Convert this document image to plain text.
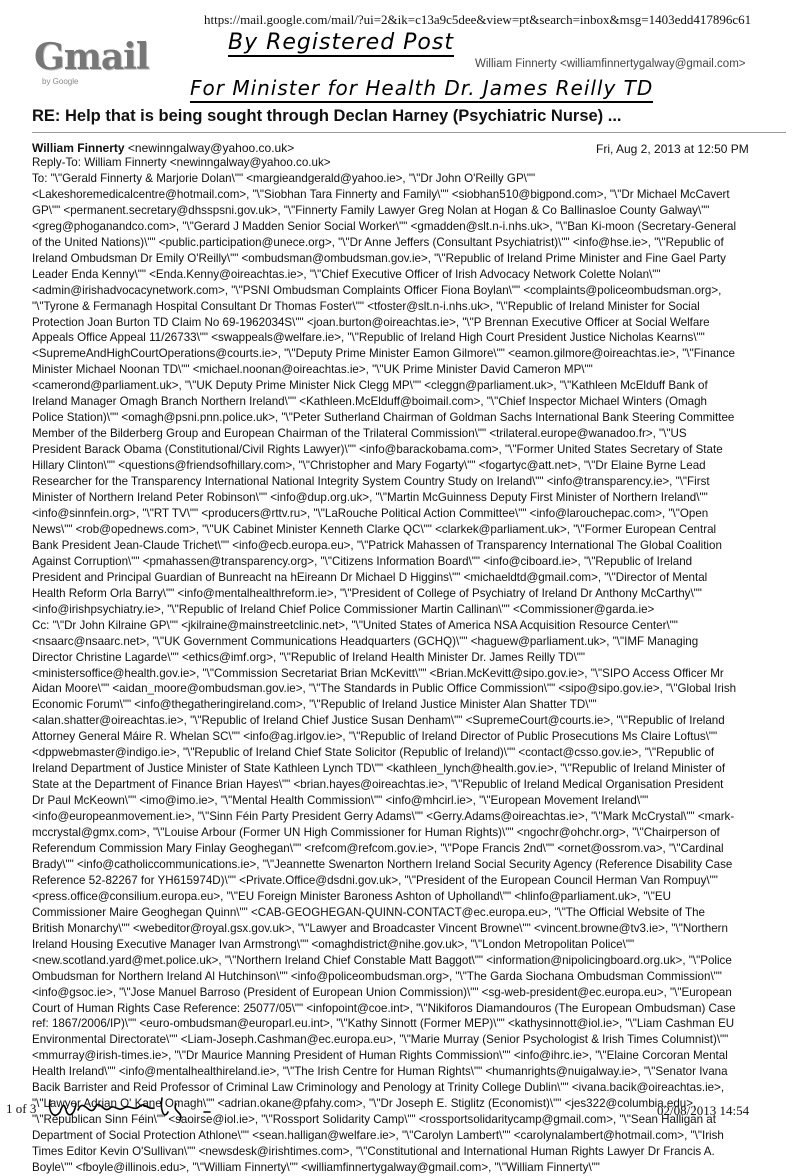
https://mail.google.com/mail/?ui=2&ik=c13a9c5dee&view=pt&search=inbox&msg=1403edd417896c61
Gmail
by Google
By Registered Post
For Minister for Health Dr. James Reilly TD
William Finnerty <williamfinnertygalway@gmail.com>
RE: Help that is being sought through Declan Harney (Psychiatric Nurse) ...
William Finnerty <newinngalway@yahoo.co.uk>	Fri, Aug 2, 2013 at 12:50 PM
Reply-To: William Finnerty <newinngalway@yahoo.co.uk>
To: "\"Gerald Finnerty & Marjorie Dolan\"" <margieandgerald@yahoo.ie>, "\"Dr John O'Reilly GP\""
<Lakeshoremedicalcentre@hotmail.com>, "\"Siobhan Tara Finnerty and Family\"" <siobhan510@bigpond.com>, "\"Dr Michael McCavert
GP\"" <permanent.secretary@dhsspsni.gov.uk>, "\"Finnerty Family Lawyer Greg Nolan at Hogan & Co Ballinasloe County Galway\""
<greg@phoganandco.com>, "\"Gerard J Madden Senior Social Worker\"" <gmadden@slt.n-i.nhs.uk>, "\"Ban Ki-moon (Secretary-General
of the United Nations)\"" <public.participation@unece.org>, "\"Dr Anne Jeffers (Consultant Psychiatrist)\"" <info@hse.ie>, "\"Republic of
Ireland Ombudsman Dr Emily O'Reilly\"" <ombudsman@ombudsman.gov.ie>, "\"Republic of Ireland Prime Minister and Fine Gael Party
Leader Enda Kenny\"" <Enda.Kenny@oireachtas.ie>, "\"Chief Executive Officer of Irish Advocacy Network Colette Nolan\""
<admin@irishadvocacynetwork.com>, "\"PSNI Ombudsman Complaints Officer Fiona Boylan\"" <complaints@policeombudsman.org>,
"\"Tyrone & Fermanagh Hospital Consultant Dr Thomas Foster\"" <tfoster@slt.n-i.nhs.uk>, "\"Republic of Ireland Minister for Social
Protection Joan Burton TD Claim No 69-1962034S\"" <joan.burton@oireachtas.ie>, "\"P Brennan Executive Officer at Social Welfare
Appeals Office Appeal 11/26733\"" <swappeals@welfare.ie>, "\"Republic of Ireland High Court President Justice Nicholas Kearns\""
<SupremeAndHighCourtOperations@courts.ie>, "\"Deputy Prime Minister Eamon Gilmore\"" <eamon.gilmore@oireachtas.ie>, "\"Finance
Minister Michael Noonan TD\"" <michael.noonan@oireachtas.ie>, "\"UK Prime Minister David Cameron MP\""
<camerond@parliament.uk>, "\"UK Deputy Prime Minister Nick Clegg MP\"" <cleggn@parliament.uk>, "\"Kathleen McElduff Bank of
Ireland Manager Omagh Branch Northern Ireland\"" <Kathleen.McElduff@boimail.com>, "\"Chief Inspector Michael Winters (Omagh
Police Station)\"" <omagh@psni.pnn.police.uk>, "\"Peter Sutherland Chairman of Goldman Sachs International Bank Steering Committee
Member of the Bilderberg Group and European Chairman of the Trilateral Commission\"" <trilateral.europe@wanadoo.fr>, "\"US
President Barack Obama (Constitutional/Civil Rights Lawyer)\"" <info@barackobama.com>, "\"Former United States Secretary of State
Hillary Clinton\"" <questions@friendsofhillary.com>, "\"Christopher and Mary Fogarty\"" <fogartyc@att.net>, "\"Dr Elaine Byrne Lead
Researcher for the Transparency International National Integrity System Country Study on Ireland\"" <info@transparency.ie>, "\"First
Minister of Northern Ireland Peter Robinson\"" <info@dup.org.uk>, "\"Martin McGuinness Deputy First Minister of Northern Ireland\""
<info@sinnfein.org>, "\"RT TV\"" <producers@rttv.ru>, "\"LaRouche Political Action Committee\"" <info@larouchepac.com>, "\"Open
News\"" <rob@opednews.com>, "\"UK Cabinet Minister Kenneth Clarke QC\"" <clarkek@parliament.uk>, "\"Former European Central
Bank President Jean-Claude Trichet\"" <info@ecb.europa.eu>, "\"Patrick Mahassen of Transparency International The Global Coalition
Against Corruption\"" <pmahassen@transparency.org>, "\"Citizens Information Board\"" <info@ciboard.ie>, "\"Republic of Ireland
President and Principal Guardian of Bunreacht na hEireann Dr Michael D Higgins\"" <michaeldtd@gmail.com>, "\"Director of Mental
Health Reform Orla Barry\"" <info@mentalhealthreform.ie>, "\"President of College of Psychiatry of Ireland Dr Anthony McCarthy\""
<info@irishpsychiatry.ie>, "\"Republic of Ireland Chief Police Commissioner Martin Callinan\"" <Commissioner@garda.ie>
Cc: "\"Dr John Kilraine GP\"" <jkilraine@mainstreetclinic.net>, "\"United States of America NSA Acquisition Resource Center\""
<nsaarc@nsaarc.net>, "\"UK Government Communications Headquarters (GCHQ)\"" <haguew@parliament.uk>, "\"IMF Managing
Director Christine Lagarde\"" <ethics@imf.org>, "\"Republic of Ireland Health Minister Dr. James Reilly TD\""
<ministersoffice@health.gov.ie>, "\"Commission Secretariat Brian McKevitt\"" <Brian.McKevitt@sipo.gov.ie>, "\"SIPO Access Officer Mr
Aidan Moore\"" <aidan_moore@ombudsman.gov.ie>, "\"The Standards in Public Office Commission\"" <sipo@sipo.gov.ie>, "\"Global Irish
Economic Forum\"" <info@thegatheringireland.com>, "\"Republic of Ireland Justice Minister Alan Shatter TD\""
<alan.shatter@oireachtas.ie>, "\"Republic of Ireland Chief Justice Susan Denham\"" <SupremeCourt@courts.ie>, "\"Republic of Ireland
Attorney General Máire R. Whelan SC\"" <info@ag.irlgov.ie>, "\"Republic of Ireland Director of Public Prosecutions Ms Claire Loftus\""
<dppwebmaster@indigo.ie>, "\"Republic of Ireland Chief State Solicitor (Republic of Ireland)\"" <contact@csso.gov.ie>, "\"Republic of
Ireland Department of Justice Minister of State Kathleen Lynch TD\"" <kathleen_lynch@health.gov.ie>, "\"Republic of Ireland Minister of
State at the Department of Finance Brian Hayes\"" <brian.hayes@oireachtas.ie>, "\"Republic of Ireland Medical Organisation President
Dr Paul McKeown\"" <imo@imo.ie>, "\"Mental Health Commission\"" <info@mhcirl.ie>, "\"European Movement Ireland\""
<info@europeanmovement.ie>, "\"Sinn Féin Party President Gerry Adams\"" <Gerry.Adams@oireachtas.ie>, "\"Mark McCrystal\"" <mark-
mccrystal@gmx.com>, "\"Louise Arbour (Former UN High Commissioner for Human Rights)\"" <ngochr@ohchr.org>, "\"Chairperson of
Referendum Commission Mary Finlay Geoghegan\"" <refcom@refcom.gov.ie>, "\"Pope Francis 2nd\"" <ornet@ossrom.va>, "\"Cardinal
Brady\"" <info@catholiccommunications.ie>, "\"Jeannette Swenarton Northern Ireland Social Security Agency (Reference Disability Case
Reference 52-82267 for YH615974D)\"" <Private.Office@dsdni.gov.uk>, "\"President of the European Council Herman Van Rompuy\""
<press.office@consilium.europa.eu>, "\"EU Foreign Minister Baroness Ashton of Upholland\"" <hlinfo@parliament.uk>, "\"EU
Commissioner Maire Geoghegan Quinn\"" <CAB-GEOGHEGAN-QUINN-CONTACT@ec.europa.eu>, "\"The Official Website of The
British Monarchy\"" <webeditor@royal.gsx.gov.uk>, "\"Lawyer and Broadcaster Vincent Browne\"" <vincent.browne@tv3.ie>, "\"Northern
Ireland Housing Executive Manager Ivan Armstrong\"" <omaghdistrict@nihe.gov.uk>, "\"London Metropolitan Police\""
<new.scotland.yard@met.police.uk>, "\"Northern Ireland Chief Constable Matt Baggot\"" <information@nipolicingboard.org.uk>, "\"Police
Ombudsman for Northern Ireland Al Hutchinson\"" <info@policeombudsman.org>, "\"The Garda Siochana Ombudsman Commission\""
<info@gsoc.ie>, "\"Jose Manuel Barroso (President of European Union Commission)\"" <sg-web-president@ec.europa.eu>, "\"European
Court of Human Rights Case Reference: 25077/05\"" <infopoint@coe.int>, "\"Nikiforos Diamandouros (The European Ombudsman) Case
ref: 1867/2006/IP)\"" <euro-ombudsman@europarl.eu.int>, "\"Kathy Sinnott (Former MEP)\"" <kathysinnott@iol.ie>, "\"Liam Cashman EU
Environmental Directorate\"" <Liam-Joseph.Cashman@ec.europa.eu>, "\"Marie Murray (Senior Psychologist & Irish Times Columnist)\""
<mmurray@irish-times.ie>, "\"Dr Maurice Manning President of Human Rights Commission\"" <info@ihrc.ie>, "\"Elaine Corcoran Mental
Health Ireland\"" <info@mentalhealthireland.ie>, "\"The Irish Centre for Human Rights\"" <humanrights@nuigalway.ie>, "\"Senator Ivana
Bacik Barrister and Reid Professor of Criminal Law Criminology and Penology at Trinity College Dublin\"" <ivana.bacik@oireachtas.ie>,
"\"Lawyer Adrian O' Kane Omagh\"" <adrian.okane@pfahy.com>, "\"Dr Joseph E. Stiglitz (Economist)\"" <jes322@columbia.edu>,
"\"Republican Sinn Féin\"" <saoirse@iol.ie>, "\"Rossport Solidarity Camp\"" <rossportsolidaritycamp@gmail.com>, "\"Sean Halligan at
Department of Social Protection Athlone\"" <sean.halligan@welfare.ie>, "\"Carolyn Lambert\"" <carolynalambert@hotmail.com>, "\"Irish
Times Editor Kevin O'Sullivan\"" <newsdesk@irishtimes.com>, "\"Constitutional and International Human Rights Lawyer Dr Francis A.
Boyle\"" <fboyle@illinois.edu>, "\"William Finnerty\"" <williamfinnertygalway@gmail.com>, "\"William Finnerty\""
1 of 3	02/08/2013 14:54
